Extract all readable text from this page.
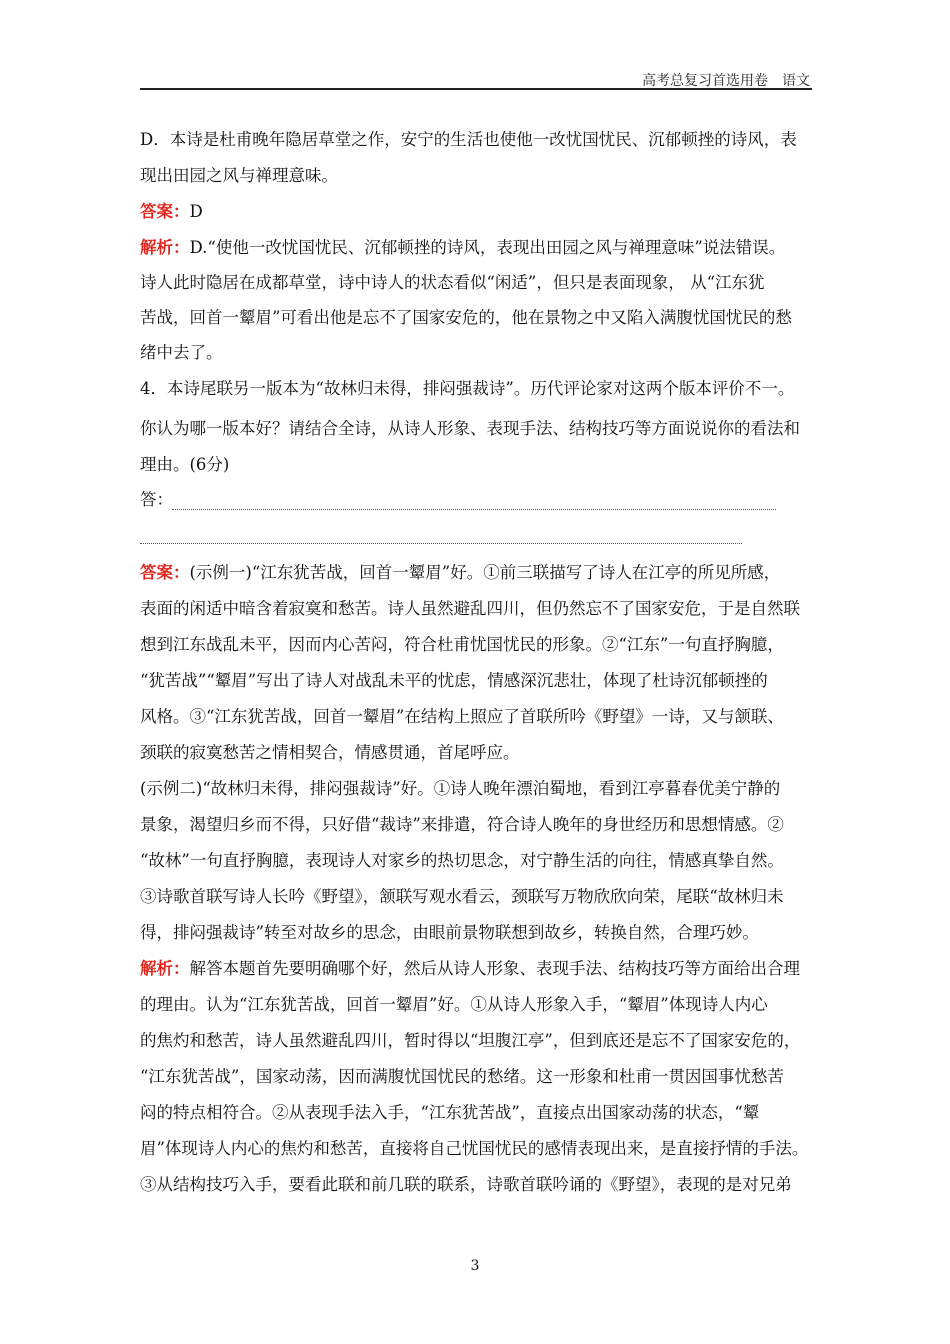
高考总复习首选用卷　语文
D．本诗是杜甫晚年隐居草堂之作，安宁的生活也使他一改忧国忧民、沉郁顿挫的诗风，表
现出田园之风与禅理意味。
答案：D
解析：D.“使他一改忧国忧民、沉郁顿挫的诗风，表现出田园之风与禅理意味”说法错误。
诗人此时隐居在成都草堂，诗中诗人的状态看似“闲适”，但只是表面现象， 从“江东犹
苦战，回首一颦眉”可看出他是忘不了国家安危的，他在景物之中又陷入满腹忧国忧民的愁
绪中去了。
4．本诗尾联另一版本为“故林归未得，排闷强裁诗”。历代评论家对这两个版本评价不一。
你认为哪一版本好？请结合全诗，从诗人形象、表现手法、结构技巧等方面说说你的看法和
理由。(6分)
答：
答案：(示例一)“江东犹苦战，回首一颦眉”好。①前三联描写了诗人在江亭的所见所感，
表面的闲适中暗含着寂寞和愁苦。诗人虽然避乱四川，但仍然忘不了国家安危，于是自然联
想到江东战乱未平，因而内心苦闷，符合杜甫忧国忧民的形象。②“江东”一句直抒胸臆，
“犹苦战”“颦眉”写出了诗人对战乱未平的忧虑，情感深沉悲壮，体现了杜诗沉郁顿挫的
风格。③“江东犹苦战，回首一颦眉”在结构上照应了首联所吟《野望》一诗，又与颔联、
颈联的寂寞愁苦之情相契合，情感贯通，首尾呼应。
(示例二)“故林归未得，排闷强裁诗”好。①诗人晚年漂泊蜀地，看到江亭暮春优美宁静的
景象，渴望归乡而不得，只好借“裁诗”来排遣，符合诗人晚年的身世经历和思想情感。②
“故林”一句直抒胸臆，表现诗人对家乡的热切思念，对宁静生活的向往，情感真挚自然。
③诗歌首联写诗人长吟《野望》，颔联写观水看云，颈联写万物欣欣向荣，尾联“故林归未
得，排闷强裁诗”转至对故乡的思念，由眼前景物联想到故乡，转换自然，合理巧妙。
解析：解答本题首先要明确哪个好，然后从诗人形象、表现手法、结构技巧等方面给出合理
的理由。认为“江东犹苦战，回首一颦眉”好。①从诗人形象入手，“颦眉”体现诗人内心
的焦灼和愁苦，诗人虽然避乱四川，暂时得以“坦腹江亭”，但到底还是忘不了国家安危的，
“江东犹苦战”，国家动荡，因而满腹忧国忧民的愁绪。这一形象和杜甫一贯因国事忧愁苦
闷的特点相符合。②从表现手法入手，“江东犹苦战”，直接点出国家动荡的状态，“颦
眉”体现诗人内心的焦灼和愁苦，直接将自己忧国忧民的感情表现出来，是直接抒情的手法。
③从结构技巧入手，要看此联和前几联的联系，诗歌首联吟诵的《野望》，表现的是对兄弟
3
